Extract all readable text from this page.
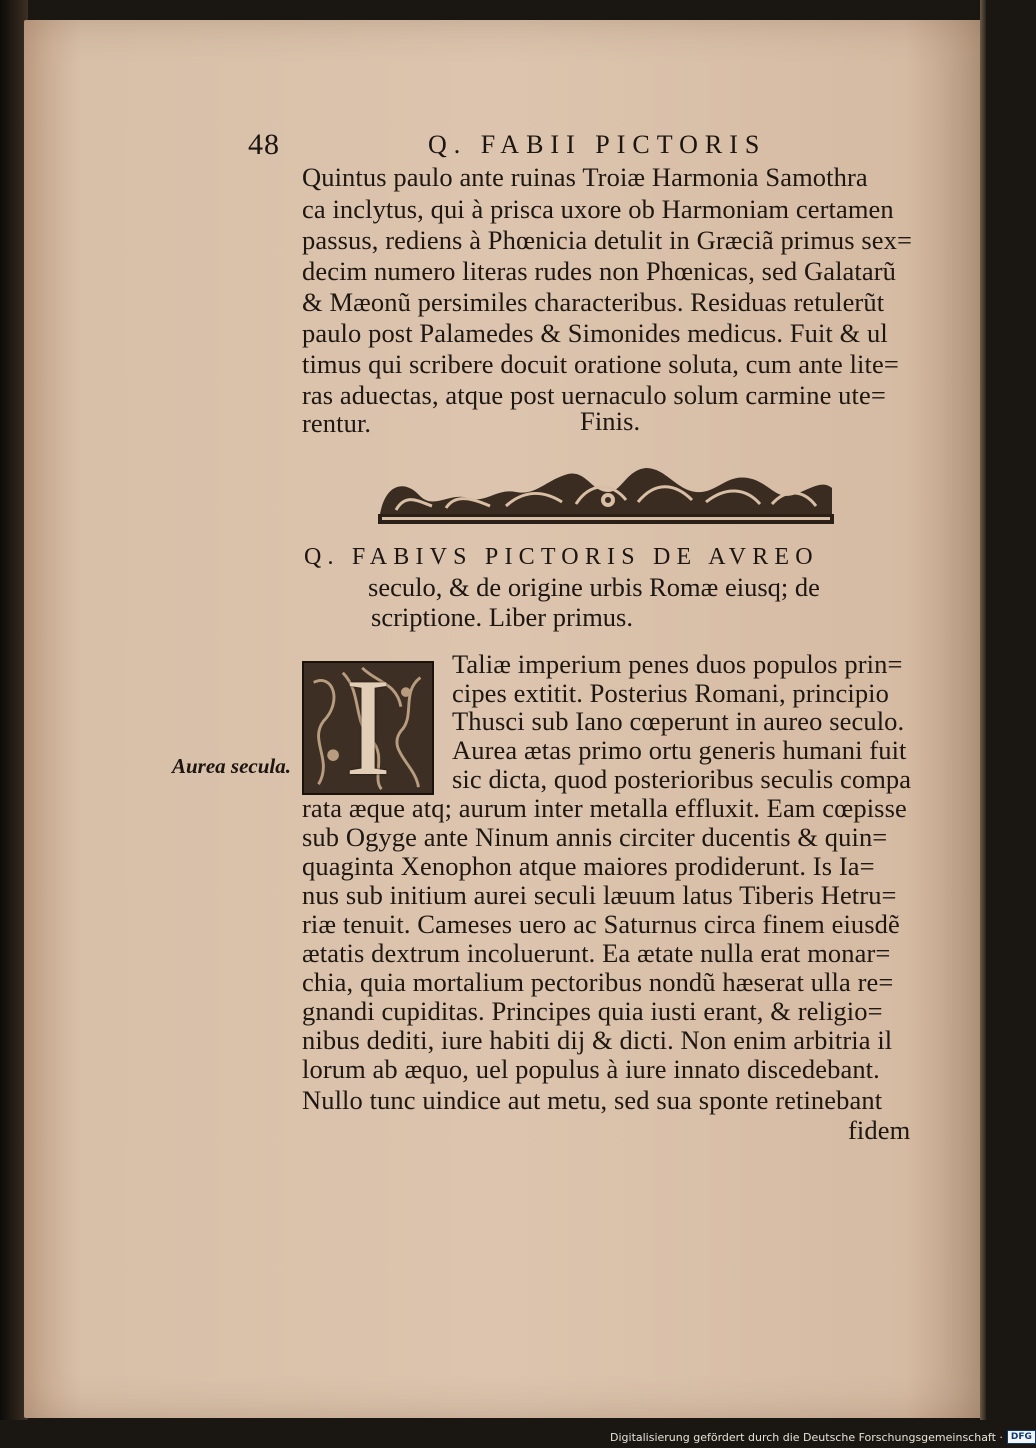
48	Q. FABII PICTORIS
Quintus paulo ante ruinas Troiæ Harmonia Samothra
ca inclytus, qui à prisca uxore ob Harmoniam certamen
passus, rediens à Phœnicia detulit in Græciã primus sex=
decim numero literas rudes non Phœnicas, sed Galatarũ
& Mæonũ persimiles characteribus. Residuas retulerũt
paulo post Palamedes & Simonides medicus. Fuit & ul
timus qui scribere docuit oratione soluta, cum ante lite=
ras aduectas, atque post uernaculo solum carmine ute=
rentur.	Finis.
Q. FABIVS PICTORIS DE AVREO
seculo, & de origine urbis Romæ eiusq; de
scriptione. Liber primus.
I Taliæ imperium penes duos populos prin=
cipes extitit. Posterius Romani, principio
Thusci sub Iano cœperunt in aureo seculo.
Aurea ætas primo ortu generis humani fuit
sic dicta, quod posterioribus seculis compa
rata æque atq; aurum inter metalla effluxit. Eam cœpisse
sub Ogyge ante Ninum annis circiter ducentis & quin=
quaginta Xenophon atque maiores prodiderunt. Is Ia=
nus sub initium aurei seculi læuum latus Tiberis Hetru=
riæ tenuit. Cameses uero ac Saturnus circa finem eiusdẽ
ætatis dextrum incoluerunt. Ea ætate nulla erat monar=
chia, quia mortalium pectoribus nondũ hæserat ulla re=
gnandi cupiditas. Principes quia iusti erant, & religio=
nibus dediti, iure habiti dij & dicti. Non enim arbitria il
lorum ab æquo, uel populus à iure innato discedebant.
Nullo tunc uindice aut metu, sed sua sponte retinebant
fidem
Aurea secula.
Digitalisierung gefördert durch die Deutsche Forschungsgemeinschaft · DFG
